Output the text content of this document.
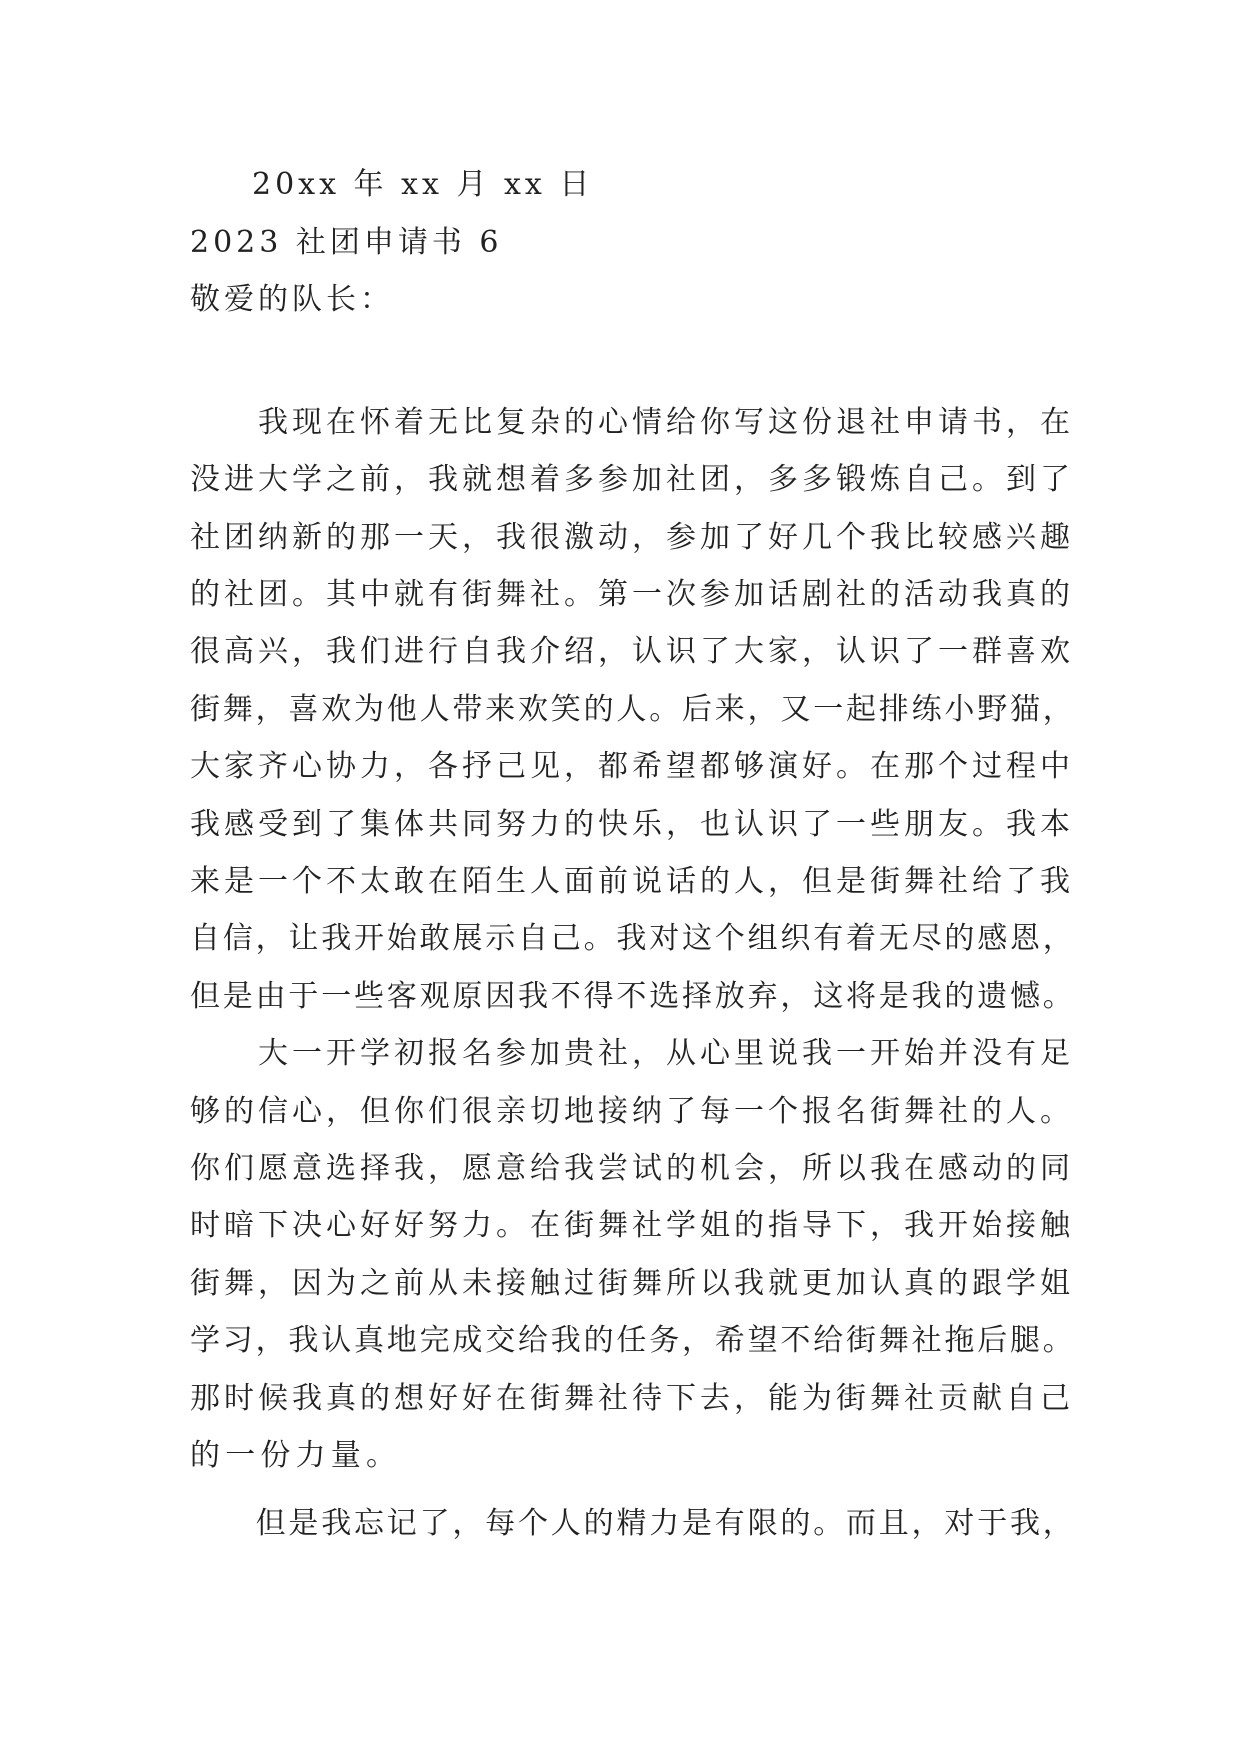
20xx 年 xx 月 xx 日
2023 社团申请书 6
敬爱的队长：
　　我现在怀着无比复杂的心情给你写这份退社申请书，在
没进大学之前，我就想着多参加社团，多多锻炼自己。到了
社团纳新的那一天，我很激动，参加了好几个我比较感兴趣
的社团。其中就有街舞社。第一次参加话剧社的活动我真的
很高兴，我们进行自我介绍，认识了大家，认识了一群喜欢
街舞，喜欢为他人带来欢笑的人。后来，又一起排练小野猫，
大家齐心协力，各抒己见，都希望都够演好。在那个过程中
我感受到了集体共同努力的快乐，也认识了一些朋友。我本
来是一个不太敢在陌生人面前说话的人，但是街舞社给了我
自信，让我开始敢展示自己。我对这个组织有着无尽的感恩，
但是由于一些客观原因我不得不选择放弃，这将是我的遗憾。
　　大一开学初报名参加贵社，从心里说我一开始并没有足
够的信心，但你们很亲切地接纳了每一个报名街舞社的人。
你们愿意选择我，愿意给我尝试的机会，所以我在感动的同
时暗下决心好好努力。在街舞社学姐的指导下，我开始接触
街舞，因为之前从未接触过街舞所以我就更加认真的跟学姐
学习，我认真地完成交给我的任务，希望不给街舞社拖后腿。
那时候我真的想好好在街舞社待下去，能为街舞社贡献自己
的一份力量。
　　但是我忘记了，每个人的精力是有限的。而且，对于我，
